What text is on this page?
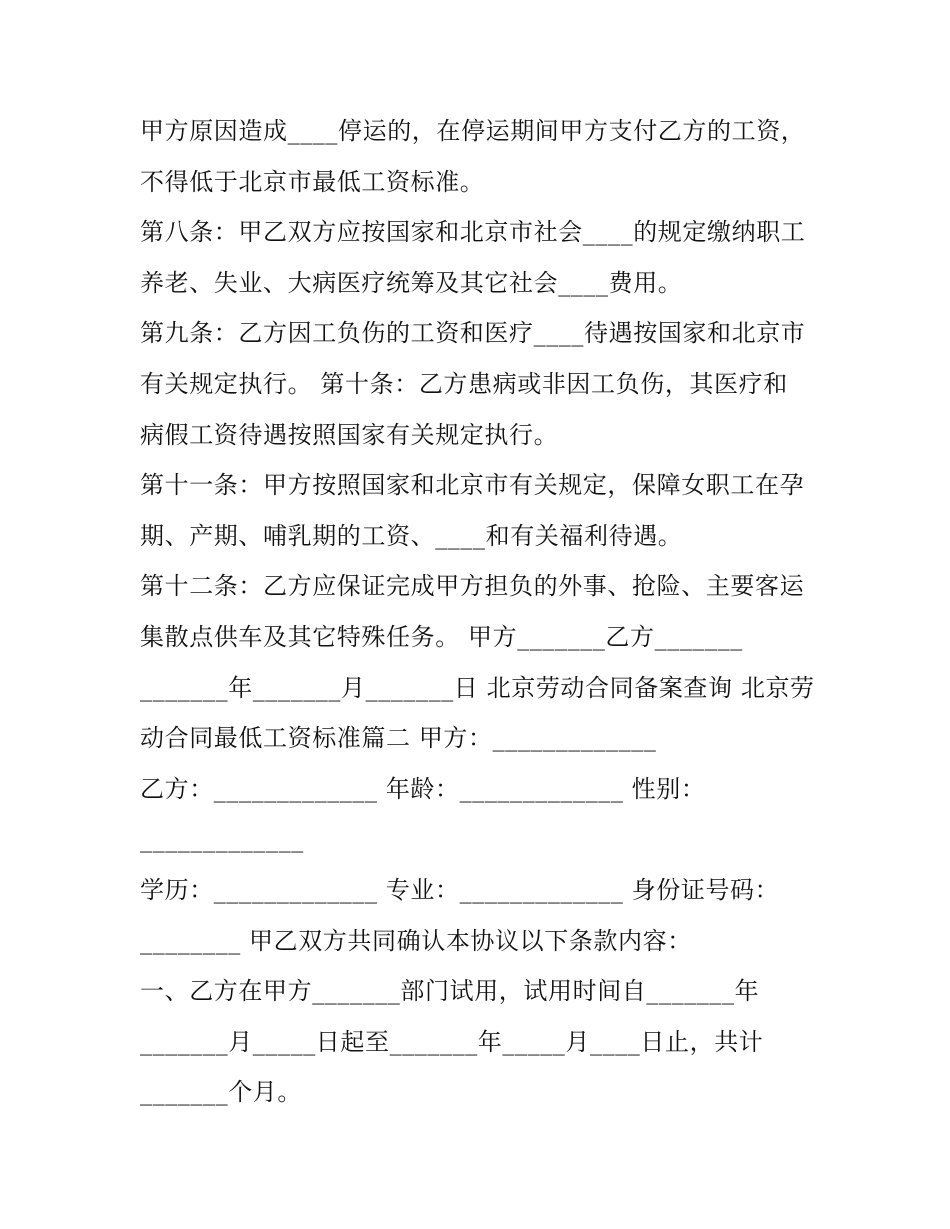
甲方原因造成____停运的，在停运期间甲方支付乙方的工资，
不得低于北京市最低工资标准。
第八条：甲乙双方应按国家和北京市社会____的规定缴纳职工
养老、失业、大病医疗统筹及其它社会____费用。
第九条：乙方因工负伤的工资和医疗____待遇按国家和北京市
有关规定执行。 第十条：乙方患病或非因工负伤，其医疗和
病假工资待遇按照国家有关规定执行。
第十一条：甲方按照国家和北京市有关规定，保障女职工在孕
期、产期、哺乳期的工资、____和有关福利待遇。
第十二条：乙方应保证完成甲方担负的外事、抢险、主要客运
集散点供车及其它特殊任务。 甲方_______乙方_______
_______年_______月_______日 北京劳动合同备案查询 北京劳
动合同最低工资标准篇二 甲方：_____________
乙方：_____________ 年龄：_____________ 性别：
_____________
学历：_____________ 专业：_____________ 身份证号码：
________ 甲乙双方共同确认本协议以下条款内容：
一、乙方在甲方_______部门试用，试用时间自_______年
_______月_____日起至_______年_____月____日止，共计
_______个月。
